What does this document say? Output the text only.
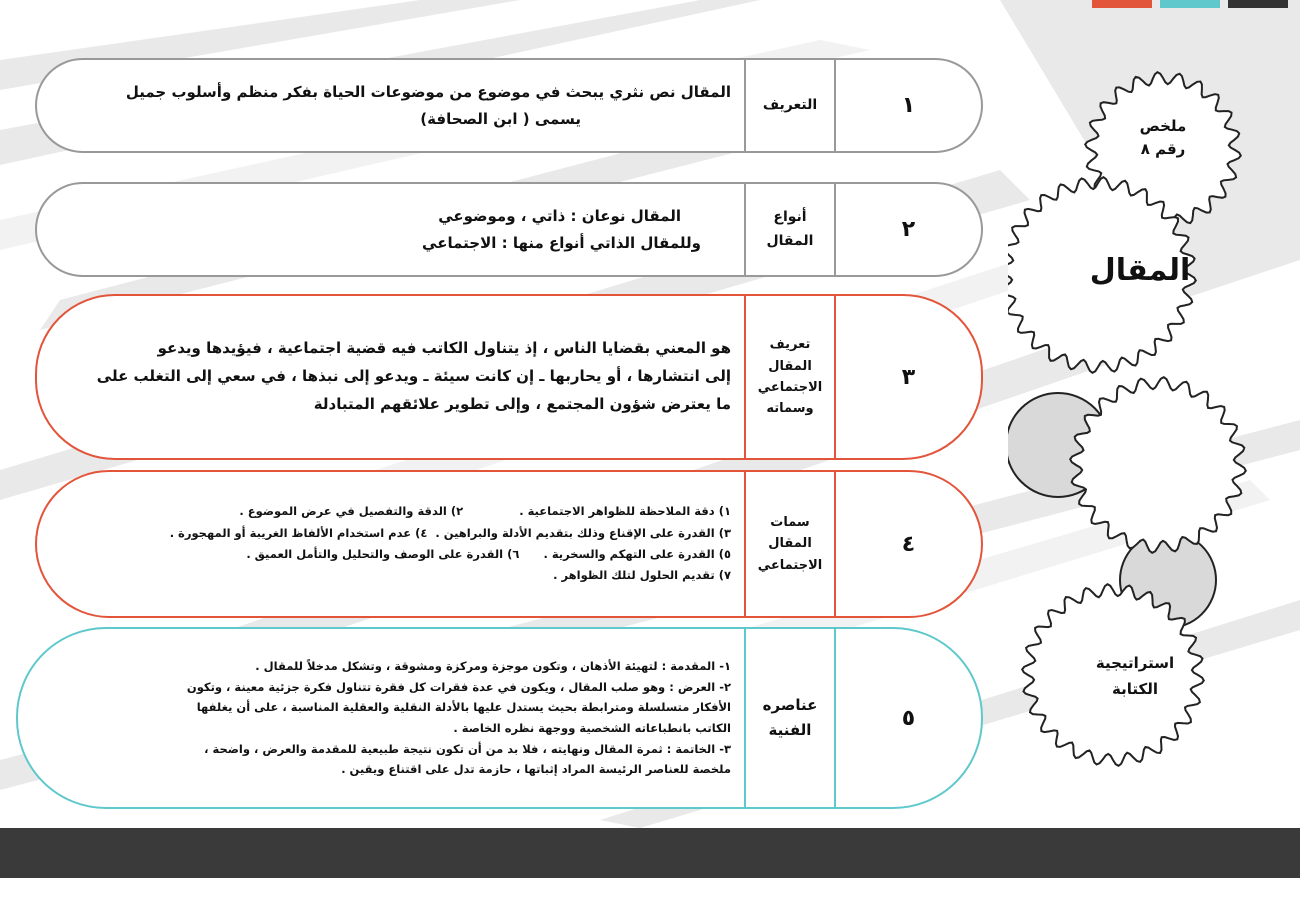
١
التعريف
المقال نص نثري يبحث في موضوع من موضوعات الحياة بفكر منظم وأسلوب جميل
يسمى ( ابن الصحافة)
٢
أنواع
المقال
المقال نوعان : ذاتي ، وموضوعي
وللمقال الذاتي أنواع منها : الاجتماعي
٣
تعريف
المقال
الاجتماعي
وسماته
هو المعني بقضايا الناس ، إذ يتناول الكاتب فيه قضية اجتماعية ، فيؤيدها ويدعو
إلى انتشارها ، أو يحاربها ـ إن كانت سيئة ـ ويدعو إلى نبذها ، في سعي إلى التغلب على
ما يعترض شؤون المجتمع ، وإلى تطوير علائقهم المتبادلة
٤
سمات
المقال
الاجتماعي
١) دقة الملاحظة للظواهر الاجتماعية .              ٢) الدقة والتفصيل في عرض الموضوع .
٣) القدرة على الإقناع وذلك بتقديم الأدلة والبراهين .  ٤) عدم استخدام الألفاظ الغريبة أو المهجورة .
٥) القدرة على التهكم والسخرية .      ٦) القدرة على الوصف والتحليل والتأمل العميق .
٧) تقديم الحلول لتلك الظواهر .
٥
عناصره
الفنية
١- المقدمة : لتهيئة الأذهان ، وتكون موجزة ومركزة ومشوقة ، وتشكل مدخلاً للمقال .
٢- العرض : وهو صلب المقال ، ويكون في عدة فقرات كل فقرة تتناول فكرة جزئية معينة ، وتكون
الأفكار متسلسلة ومترابطة بحيث يستدل عليها بالأدلة النقلية والعقلية المناسبة ، على أن يغلفها
الكاتب بانطباعاته الشخصية ووجهة نظره الخاصة .
٣- الخاتمة : ثمرة المقال ونهايته ، فلا بد من أن تكون نتيجة طبيعية للمقدمة والعرض ، واضحة ،
ملخصة للعناصر الرئيسة المراد إثباتها ، حازمة تدل على اقتناع ويقين .
ملخص
رقم ٨
المقال
استراتيجية
الكتابة
